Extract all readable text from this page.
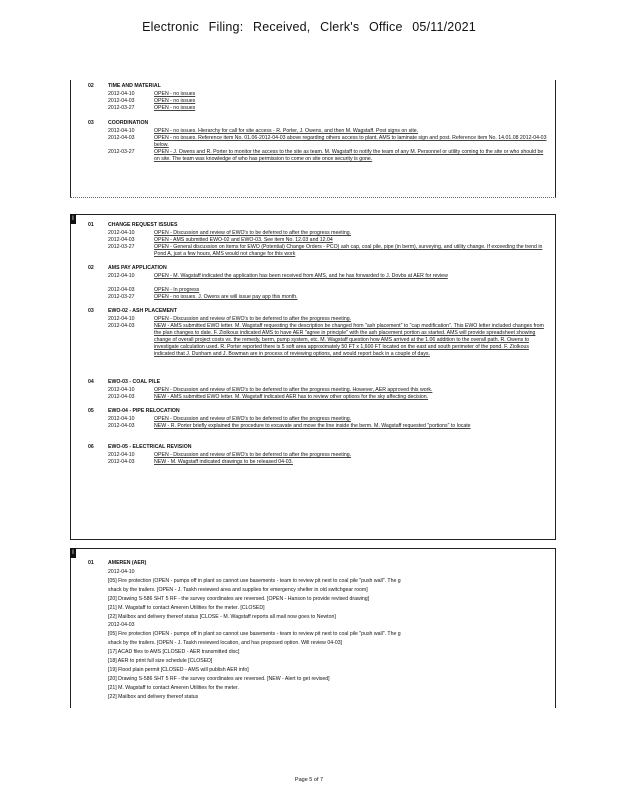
Electronic Filing: Received, Clerk's Office 05/11/2021
02	TIME AND MATERIAL
2012-04-10	OPEN - no issues
2012-04-03	OPEN - no issues
2012-03-27	OPEN - no issues
03	COORDINATION
2012-04-10	OPEN - no issues. Hierarchy for call for site access - R. Porter, J. Owens, and then M. Wagstaff. Post signs on site.
2012-04-03	OPEN - no issues. Reference item No. 01.06-2012-04-03 above regarding others access to plant. AMS to laminate sign and post. Reference item No. 14.01.08 2012-04-03 below.
2012-03-27	OPEN - J. Owens and R. Porter to monitor the access to the site as team. M. Wagstaff to notify the team of any M. Personnel or utility coming to the site or who should be on site. The team was knowledge of who has permission to come on site once security is gone.
I
01	CHANGE REQUEST ISSUES
2012-04-10	OPEN - Discussion and review of EWO's to be deferred to after the progress meeting.
2012-04-03	OPEN - AMS submitted EWO-02 and EWO-03. See item No. 12.03 and 12.04
2012-03-27	OPEN - General discussion on items for EWO (Potential) Change Orders - PCO) ash cap, coal pile, pipe (in berm), surveying, and utility change. If exceeding the trend in Pond A, just a few hours, AMS would not change for this work
02	AMS PAY APPLICATION
2012-04-10	OPEN - M. Wagstaff indicated the application has been received from AMS, and he has forwarded to J. Dovbs at AER for review
2012-04-03	OPEN - In progress
2012-03-27	OPEN - no issues. J. Owens are will issue pay app this month.
03	EWO-02 - ASH PLACEMENT
2012-04-10	OPEN - Discussion and review of EWO's to be deferred to after the progress meeting.
2012-04-03	NEW - AMS submitted EWO letter. M. Wagstaff requesting the description be changed from "ash placement" to "cap modification". This EWO letter included changes from the plan changes to date. F. Ziolkous indicated AMS to have AER "agree in principle" with the ash placement portion as started. AMS will provide spreadsheet showing change of overall project costs vs. the remedy, berm, pump system, etc. M. Wagstaff question how AMS arrived at the 1.06 addition to the overall path. R. Owens to investigate calculation used. R. Porter reported there is 5 soft area approximately 50 FT x 1,600 FT located on the east and south perimeter of the pond. F. Ziolkous indicated that J. Dunham and J. Bowman are in process of reviewing options, and would report back in a couple of days.
04	EWO-03 - COAL PILE
2012-04-10	OPEN - Discussion and review of EWO's to be deferred to after the progress meeting. However, AER approved this work.
2012-04-03	NEW - AMS submitted EWO letter. M. Wagstaff indicated AER has to review other options for the sky affecting decision.
05	EWO-04 - PIPE RELOCATION
2012-04-10	OPEN - Discussion and review of EWO's to be deferred to after the progress meeting.
2012-04-03	NEW - R. Porter briefly explained the procedure to excavate and move the line inside the berm. M. Wagstaff requested "portions" to locate
06	EWO-05 - ELECTRICAL REVISION
2012-04-10	OPEN - Discussion and review of EWO's to be deferred to after the progress meeting.
2012-04-03	NEW - M. Wagstaff indicated drawings to be released 04-03.
I
01	AMEREN (AER)
2012-04-10
[05] Fire protection (OPEN - pumps off in plant so cannot use basements - team to review pit next to coal pile "push wall". The g
shack by the trailers. [OPEN - J. Taskh reviewed area and supplies for emergency shelter in old switchgear room]
[20] Drawing S-586 SHT 5 RF - the survey coordinates are reversed. [OPEN - Hanson to provide revised drawing]
[21] M. Wagstaff to contact Ameren Utilities for the meter. [CLOSED]
[22] Mailbox and delivery thereof status [CLOSE - M. Wagstaff reports all mail now goes to Newton]
2012-04-03
[05] Fire protection (OPEN - pumps off in plant so cannot use basements - team to review pit next to coal pile "push wall". The g
shack by the trailers. [OPEN - J. Taskh reviewed location, and has proposed option. Will review 04-03]
[17] ACAD files to AMS [CLOSED - AER transmitted disc]
[18] AER to print full size schedule [CLOSED]
[19] Flood plain permit [CLOSED - AMS will publish AER info]
[20] Drawing S-586 SHT 5 RF - the survey coordinates are reversed. [NEW - Alert to get revised]
[21] M. Wagstaff to contact Ameren Utilities for the meter.
[22] Mailbox and delivery thereof status
Page 5 of 7
